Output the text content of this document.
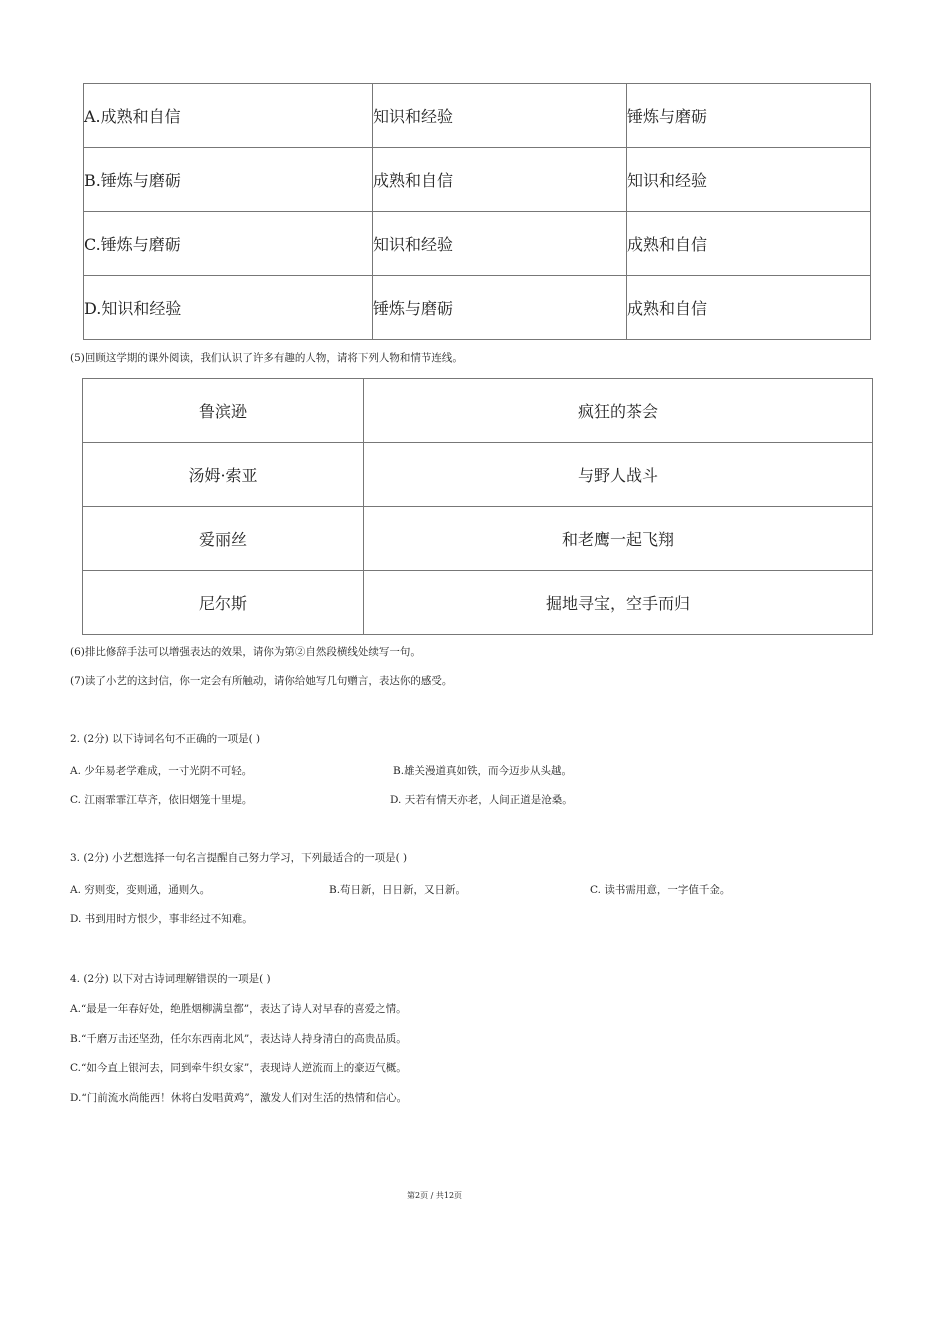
A.成熟和自信	知识和经验	锤炼与磨砺
B.锤炼与磨砺	成熟和自信	知识和经验
C.锤炼与磨砺	知识和经验	成熟和自信
D.知识和经验	锤炼与磨砺	成熟和自信
(5)回顾这学期的课外阅读，我们认识了许多有趣的人物，请将下列人物和情节连线。
鲁滨逊	疯狂的茶会
汤姆·索亚	与野人战斗
爱丽丝	和老鹰一起飞翔
尼尔斯	掘地寻宝，空手而归
(6)排比修辞手法可以增强表达的效果，请你为第②自然段横线处续写一句。
(7)读了小艺的这封信，你一定会有所触动，请你给她写几句赠言，表达你的感受。
2. (2分) 以下诗词名句不正确的一项是( )
A. 少年易老学难成，一寸光阴不可轻。	B.雄关漫道真如铁，而今迈步从头越。
C. 江雨霏霏江草齐，依旧烟笼十里堤。	D. 天若有情天亦老，人间正道是沧桑。
3. (2分) 小艺想选择一句名言提醒自己努力学习，下列最适合的一项是( )
A. 穷则变，变则通，通则久。	B.苟日新，日日新，又日新。	C. 读书需用意，一字值千金。
D. 书到用时方恨少，事非经过不知难。
4. (2分) 以下对古诗词理解错误的一项是( )
A.“最是一年春好处，绝胜烟柳满皇都”，表达了诗人对早春的喜爱之情。
B.“千磨万击还坚劲，任尔东西南北风”，表达诗人持身清白的高贵品质。
C.“如今直上银河去，同到牵牛织女家”，表现诗人逆流而上的豪迈气概。
D.“门前流水尚能西！休将白发唱黄鸡”，激发人们对生活的热情和信心。
第2页 / 共12页
